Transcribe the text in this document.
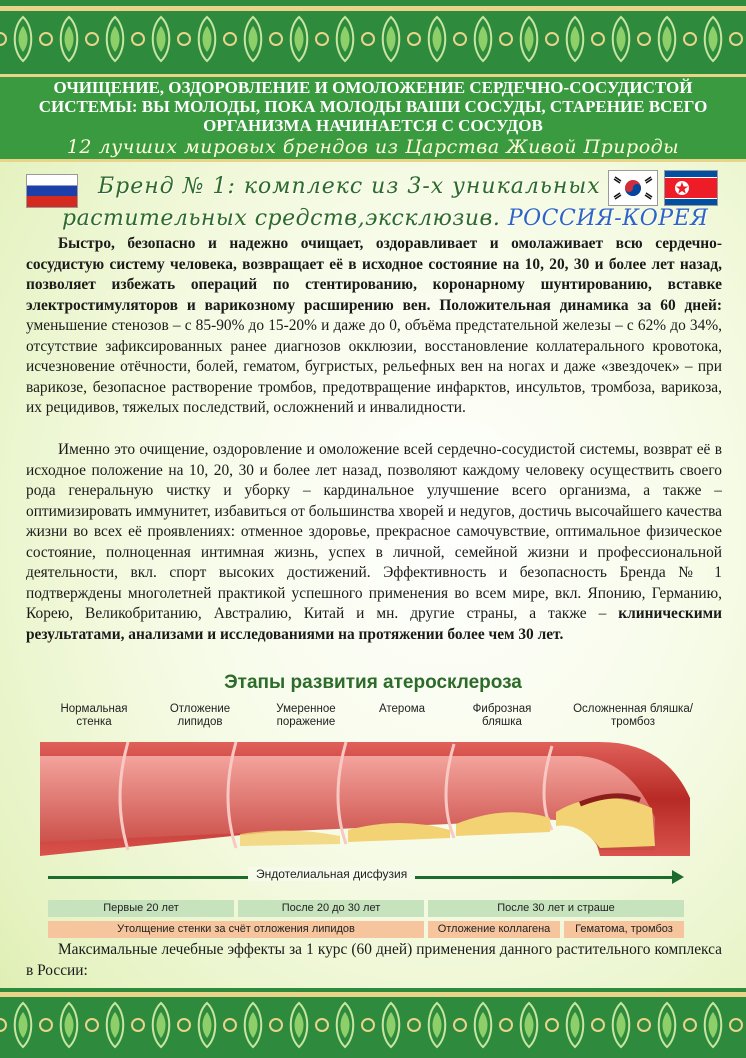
ОЧИЩЕНИЕ, ОЗДОРОВЛЕНИЕ И ОМОЛОЖЕНИЕ СЕРДЕЧНО-СОСУДИСТОЙ СИСТЕМЫ: ВЫ МОЛОДЫ, ПОКА МОЛОДЫ ВАШИ СОСУДЫ, СТАРЕНИЕ ВСЕГО ОРГАНИЗМА НАЧИНАЕТСЯ С СОСУДОВ
12 лучших мировых брендов из Царства Живой Природы
Бренд № 1: комплекс из 3-х уникальных
растительных средств,эксклюзив. РОССИЯ-КОРЕЯ
Быстро, безопасно и надежно очищает, оздоравливает и омолаживает всю сердечно-сосудистую систему человека, возвращает её в исходное состояние на 10, 20, 30 и более лет назад, позволяет избежать операций по стентированию, коронарному шунтированию, вставке электростимуляторов и варикозному расширению вен. Положительная динамика за 60 дней: уменьшение стенозов – с 85-90% до 15-20% и даже до 0, объёма предстательной железы – с 62% до 34%, отсутствие зафиксированных ранее диагнозов окклюзии, восстановление коллатерального кровотока, исчезновение отёчности, болей, гематом, бугристых, рельефных вен на ногах и даже «звездочек» – при варикозе, безопасное растворение тромбов, предотвращение инфарктов, инсультов, тромбоза, варикоза, их рецидивов, тяжелых последствий, осложнений и инвалидности.
Именно это очищение, оздоровление и омоложение всей сердечно-сосудистой системы, возврат её в исходное положение на 10, 20, 30 и более лет назад, позволяют каждому человеку осуществить своего рода генеральную чистку и уборку – кардинальное улучшение всего организма, а также – оптимизировать иммунитет, избавиться от большинства хворей и недугов, достичь высочайшего качества жизни во всех её проявлениях: отменное здоровье, прекрасное самочувствие, оптимальное физическое состояние, полноценная интимная жизнь, успех в личной, семейной жизни и профессиональной деятельности, вкл. спорт высоких достижений. Эффективность и безопасность Бренда № 1 подтверждены многолетней практикой успешного применения во всем мире, вкл. Японию, Германию, Корею, Великобританию, Австралию, Китай и мн. другие страны, а также – клиническими результатами, анализами и исследованиями на протяжении более чем 30 лет.
Этапы развития атеросклероза
Нормальная стенка
Отложение липидов
Умеренное поражение
Атерома	Фиброзная бляшка
Осложненная бляшка/ тромбоз
Эндотелиальная дисфузия
Первые 20 лет	После 20 до 30 лет	После 30 лет и страше
Утолщение стенки за счёт отложения липидов	Отложение коллагена	Гематома, тромбоз
Максимальные лечебные эффекты за 1 курс (60 дней) применения данного растительного комплекса в России:
